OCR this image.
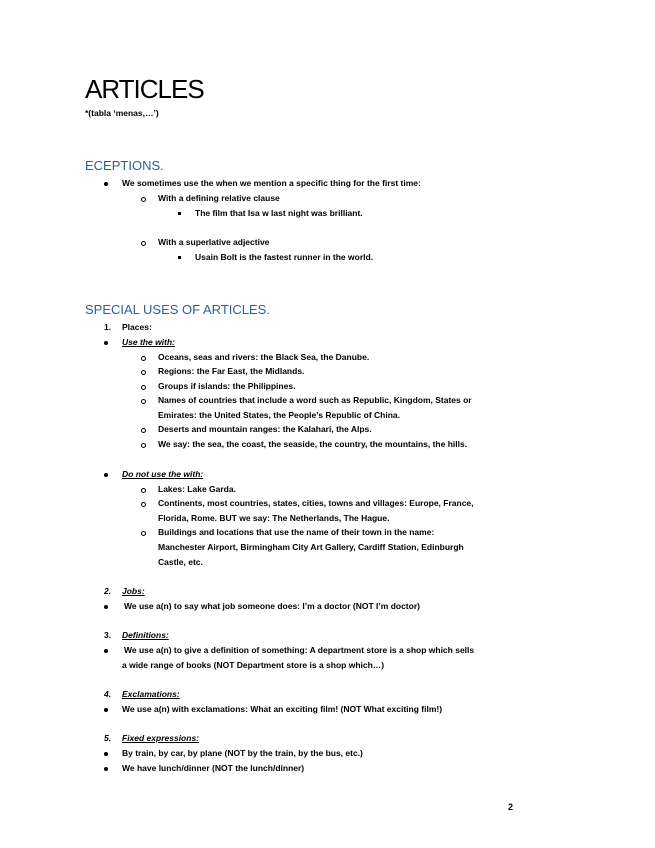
ARTICLES
*(tabla ‘menas,…’)
ECEPTIONS.
We sometimes use the when we mention a specific thing for the first time:
With a defining relative clause
The film that Isa w last night was brilliant.
With a superlative adjective
Usain Bolt is the fastest runner in the world.
SPECIAL USES OF ARTICLES.
1. Places:
Use the with:
Oceans, seas and rivers: the Black Sea, the Danube.
Regions: the Far East, the Midlands.
Groups if islands: the Philippines.
Names of countries that include a word such as Republic, Kingdom, States or
Emirates: the United States, the People’s Republic of China.
Deserts and mountain ranges: the Kalahari, the Alps.
We say: the sea, the coast, the seaside, the country, the mountains, the hills.
Do not use the with:
Lakes: Lake Garda.
Continents, most countries, states, cities, towns and villages: Europe, France,
Florida, Rome. BUT we say: The Netherlands, The Hague.
Buildings and locations that use the name of their town in the name:
Manchester Airport, Birmingham City Art Gallery, Cardiff Station, Edinburgh
Castle, etc.
2. Jobs:
We use a(n) to say what job someone does: I’m a doctor (NOT I’m doctor)
3. Definitions:
We use a(n) to give a definition of something: A department store is a shop which sells
a wide range of books (NOT Department store is a shop which…)
4. Exclamations:
We use a(n) with exclamations: What an exciting film! (NOT What exciting film!)
5. Fixed expressions:
By train, by car, by plane (NOT by the train, by the bus, etc.)
We have lunch/dinner (NOT the lunch/dinner)
2
